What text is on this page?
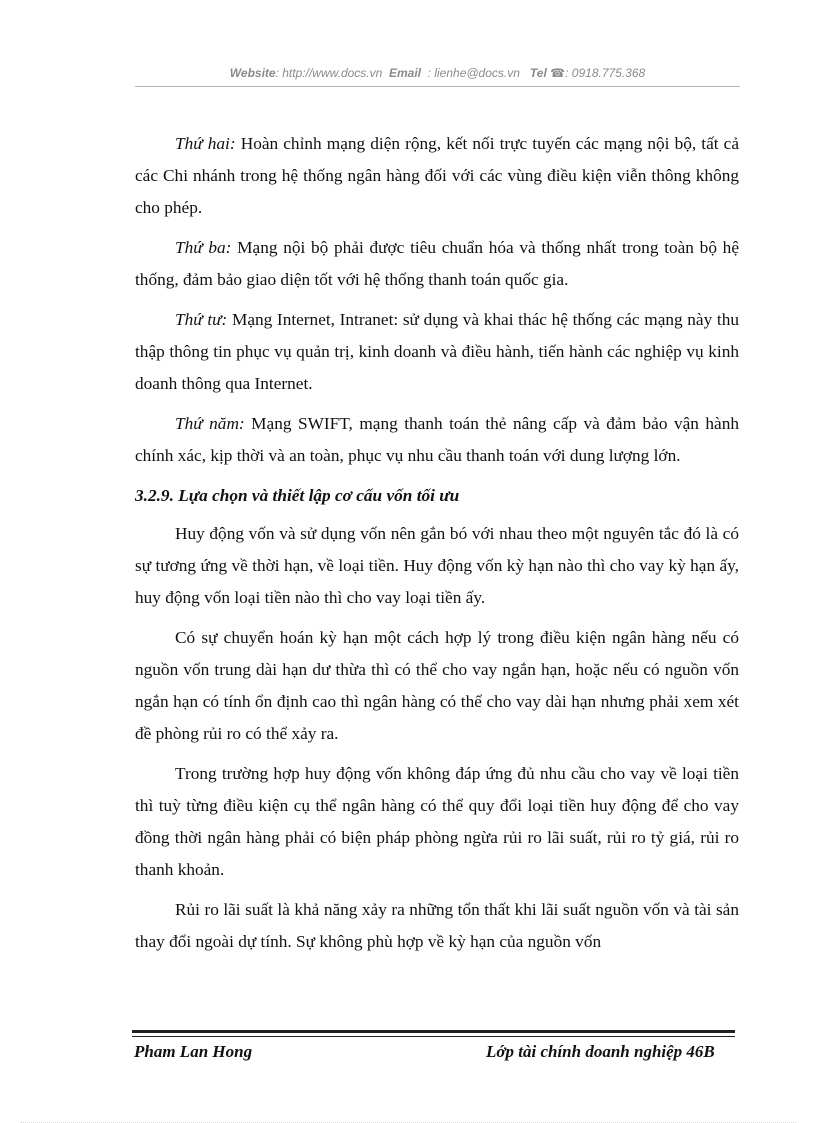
Website: http://www.docs.vn Email : lienhe@docs.vn Tel ☎: 0918.775.368

Thứ hai: Hoàn chỉnh mạng diện rộng, kết nối trực tuyến các mạng nội bộ, tất cả các Chi nhánh trong hệ thống ngân hàng đối với các vùng điều kiện viễn thông không cho phép.

Thứ ba: Mạng nội bộ phải được tiêu chuẩn hóa và thống nhất trong toàn bộ hệ thống, đảm bảo giao diện tốt với hệ thống thanh toán quốc gia.

Thứ tư: Mạng Internet, Intranet: sử dụng và khai thác hệ thống các mạng này thu thập thông tin phục vụ quản trị, kinh doanh và điều hành, tiến hành các nghiệp vụ kinh doanh thông qua Internet.

Thứ năm: Mạng SWIFT, mạng thanh toán thẻ nâng cấp và đảm bảo vận hành chính xác, kịp thời và an toàn, phục vụ nhu cầu thanh toán với dung lượng lớn.

3.2.9. Lựa chọn và thiết lập cơ cấu vốn tối ưu

Huy động vốn và sử dụng vốn nên gắn bó với nhau theo một nguyên tắc đó là có sự tương ứng về thời hạn, về loại tiền. Huy động vốn kỳ hạn nào thì cho vay kỳ hạn ấy, huy động vốn loại tiền nào thì cho vay loại tiền ấy.

Có sự chuyển hoán kỳ hạn một cách hợp lý trong điều kiện ngân hàng nếu có nguồn vốn trung dài hạn dư thừa thì có thể cho vay ngắn hạn, hoặc nếu có nguồn vốn ngắn hạn có tính ổn định cao thì ngân hàng có thể cho vay dài hạn nhưng phải xem xét đề phòng rủi ro có thể xảy ra.

Trong trường hợp huy động vốn không đáp ứng đủ nhu cầu cho vay về loại tiền thì tuỳ từng điều kiện cụ thể ngân hàng có thể quy đổi loại tiền huy động để cho vay đồng thời ngân hàng phải có biện pháp phòng ngừa rủi ro lãi suất, rủi ro tỷ giá, rủi ro thanh khoản.

Rủi ro lãi suất là khả năng xảy ra những tổn thất khi lãi suất nguồn vốn và tài sản thay đổi ngoài dự tính. Sự không phù hợp về kỳ hạn của nguồn vốn

Pham Lan Hong	Lớp tài chính doanh nghiệp 46B
